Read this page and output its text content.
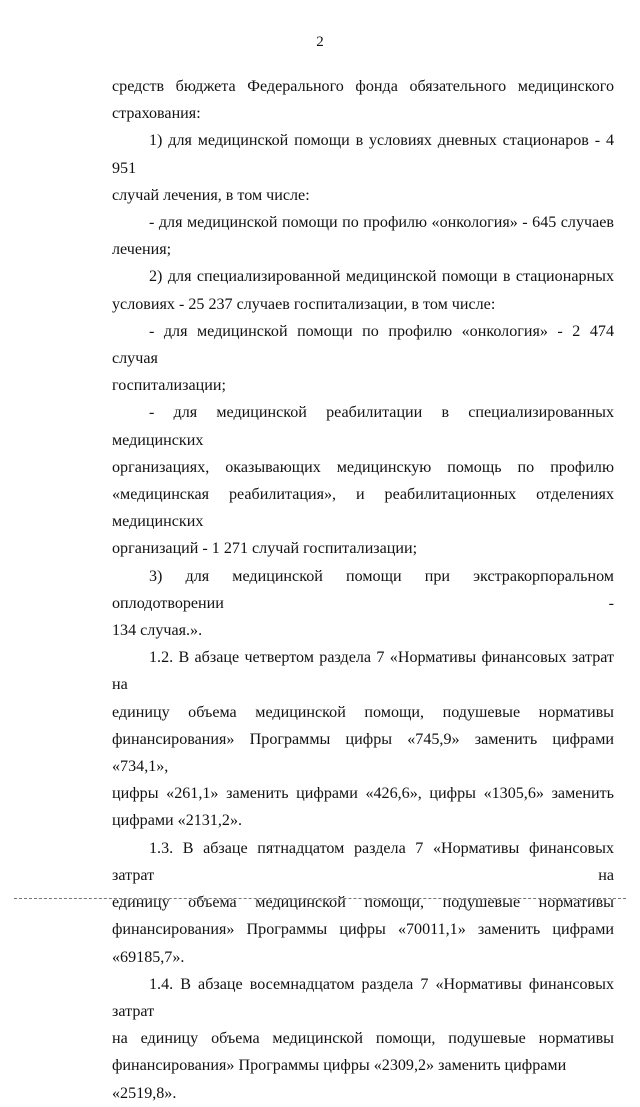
2
средств бюджета Федерального фонда обязательного медицинского
страхования:
1) для медицинской помощи в условиях дневных стационаров - 4 951
случай лечения, в том числе:
- для медицинской помощи по профилю «онкология» - 645 случаев
лечения;
2) для специализированной медицинской помощи в стационарных
условиях - 25 237 случаев госпитализации, в том числе:
- для медицинской помощи по профилю «онкология» - 2 474 случая
госпитализации;
- для медицинской реабилитации в специализированных медицинских
организациях, оказывающих медицинскую помощь по профилю
«медицинская реабилитация», и реабилитационных отделениях медицинских
организаций - 1 271 случай госпитализации;
3) для медицинской помощи при экстракорпоральном оплодотворении -
134 случая.».
1.2. В абзаце четвертом раздела 7 «Нормативы финансовых затрат на
единицу объема медицинской помощи, подушевые нормативы
финансирования» Программы цифры «745,9» заменить цифрами «734,1»,
цифры «261,1» заменить цифрами «426,6», цифры «1305,6» заменить
цифрами «2131,2».
1.3. В абзаце пятнадцатом раздела 7 «Нормативы финансовых затрат на
единицу объема медицинской помощи, подушевые нормативы
финансирования» Программы цифры «70011,1» заменить цифрами
«69185,7».
1.4. В абзаце восемнадцатом раздела 7 «Нормативы финансовых затрат
на единицу объема медицинской помощи, подушевые нормативы
финансирования» Программы цифры «2309,2» заменить цифрами «2519,8».
